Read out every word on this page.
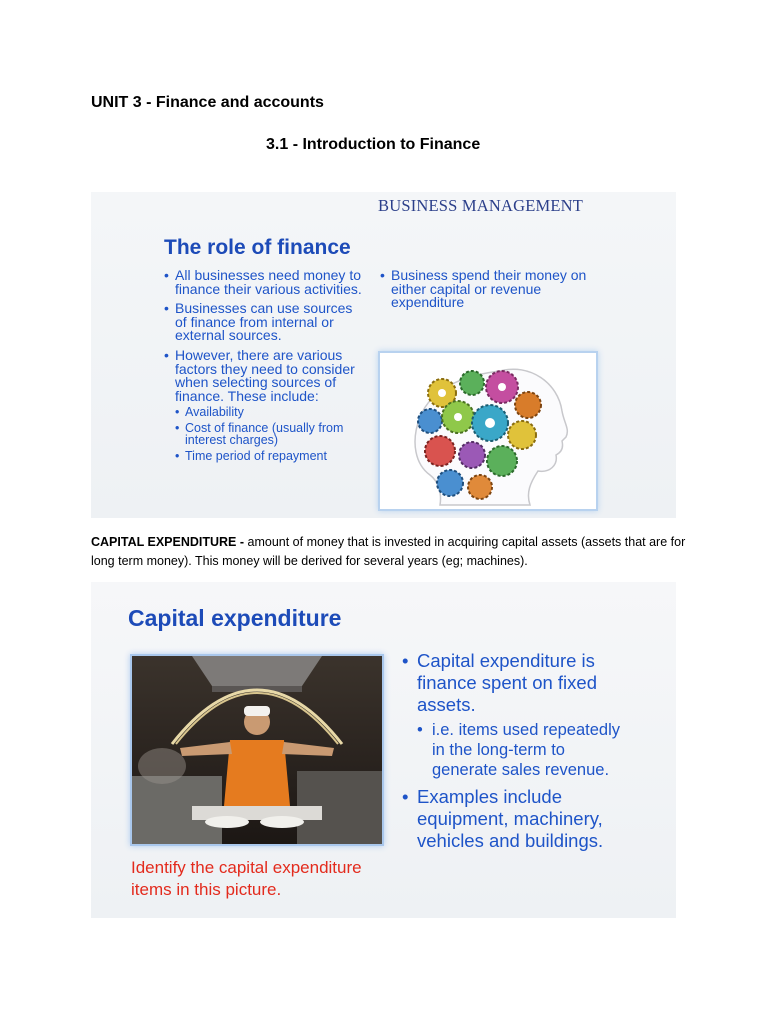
UNIT 3 - Finance and accounts
3.1 - Introduction to Finance
BUSINESS MANAGEMENT
The role of finance
• All businesses need money to finance their various activities.
• Businesses can use sources of finance from internal or external sources.
• However, there are various factors they need to consider when selecting sources of finance. These include:
• Availability
• Cost of finance (usually from interest charges)
• Time period of repayment
• Business spend their money on either capital or revenue expenditure

CAPITAL EXPENDITURE - amount of money that is invested in acquiring capital assets (assets that are for long term money). This money will be derived for several years (eg; machines).

Capital expenditure

Identify the capital expenditure items in this picture.

• Capital expenditure is finance spent on fixed assets.
• i.e. items used repeatedly in the long-term to generate sales revenue.
• Examples include equipment, machinery, vehicles and buildings.
